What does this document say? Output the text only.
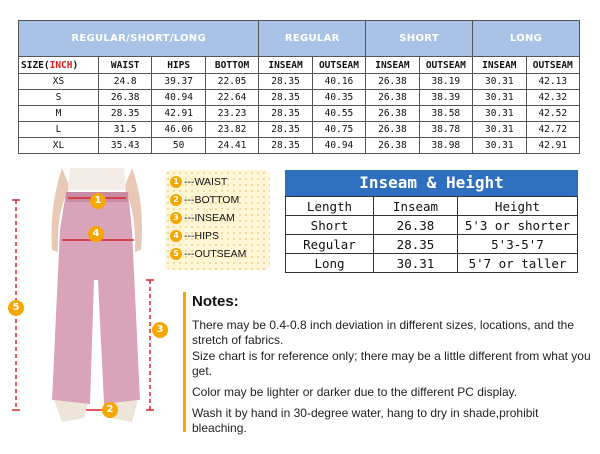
REGULAR/SHORT/LONG				REGULAR		SHORT		LONG	
SIZE(INCH)	WAIST	HIPS	BOTTOM	INSEAM	OUTSEAM	INSEAM	OUTSEAM	INSEAM	OUTSEAM
XS	24.8	39.37	22.05	28.35	40.16	26.38	38.19	30.31	42.13
S	26.38	40.94	22.64	28.35	40.35	26.38	38.39	30.31	42.32
M	28.35	42.91	23.23	28.35	40.55	26.38	38.58	30.31	42.52
L	31.5	46.06	23.82	28.35	40.75	26.38	38.78	30.31	42.72
XL	35.43	50	24.41	28.35	40.94	26.38	38.98	30.31	42.91
1
4
5
3
2
1 ---WAIST
2 ---BOTTOM
3 ---INSEAM
4 ---HIPS
5 ---OUTSEAM
Inseam & Height
Length	Inseam	Height
Short	26.38	5'3 or shorter
Regular	28.35	5'3-5'7
Long	30.31	5'7 or taller
Notes:
There may be 0.4-0.8 inch deviation in different sizes, locations, and the stretch of fabrics.
Size chart is for reference only; there may be a little different from what you get.
Color may be lighter or darker due to the different PC display.
Wash it by hand in 30-degree water, hang to dry in shade,prohibit bleaching.
